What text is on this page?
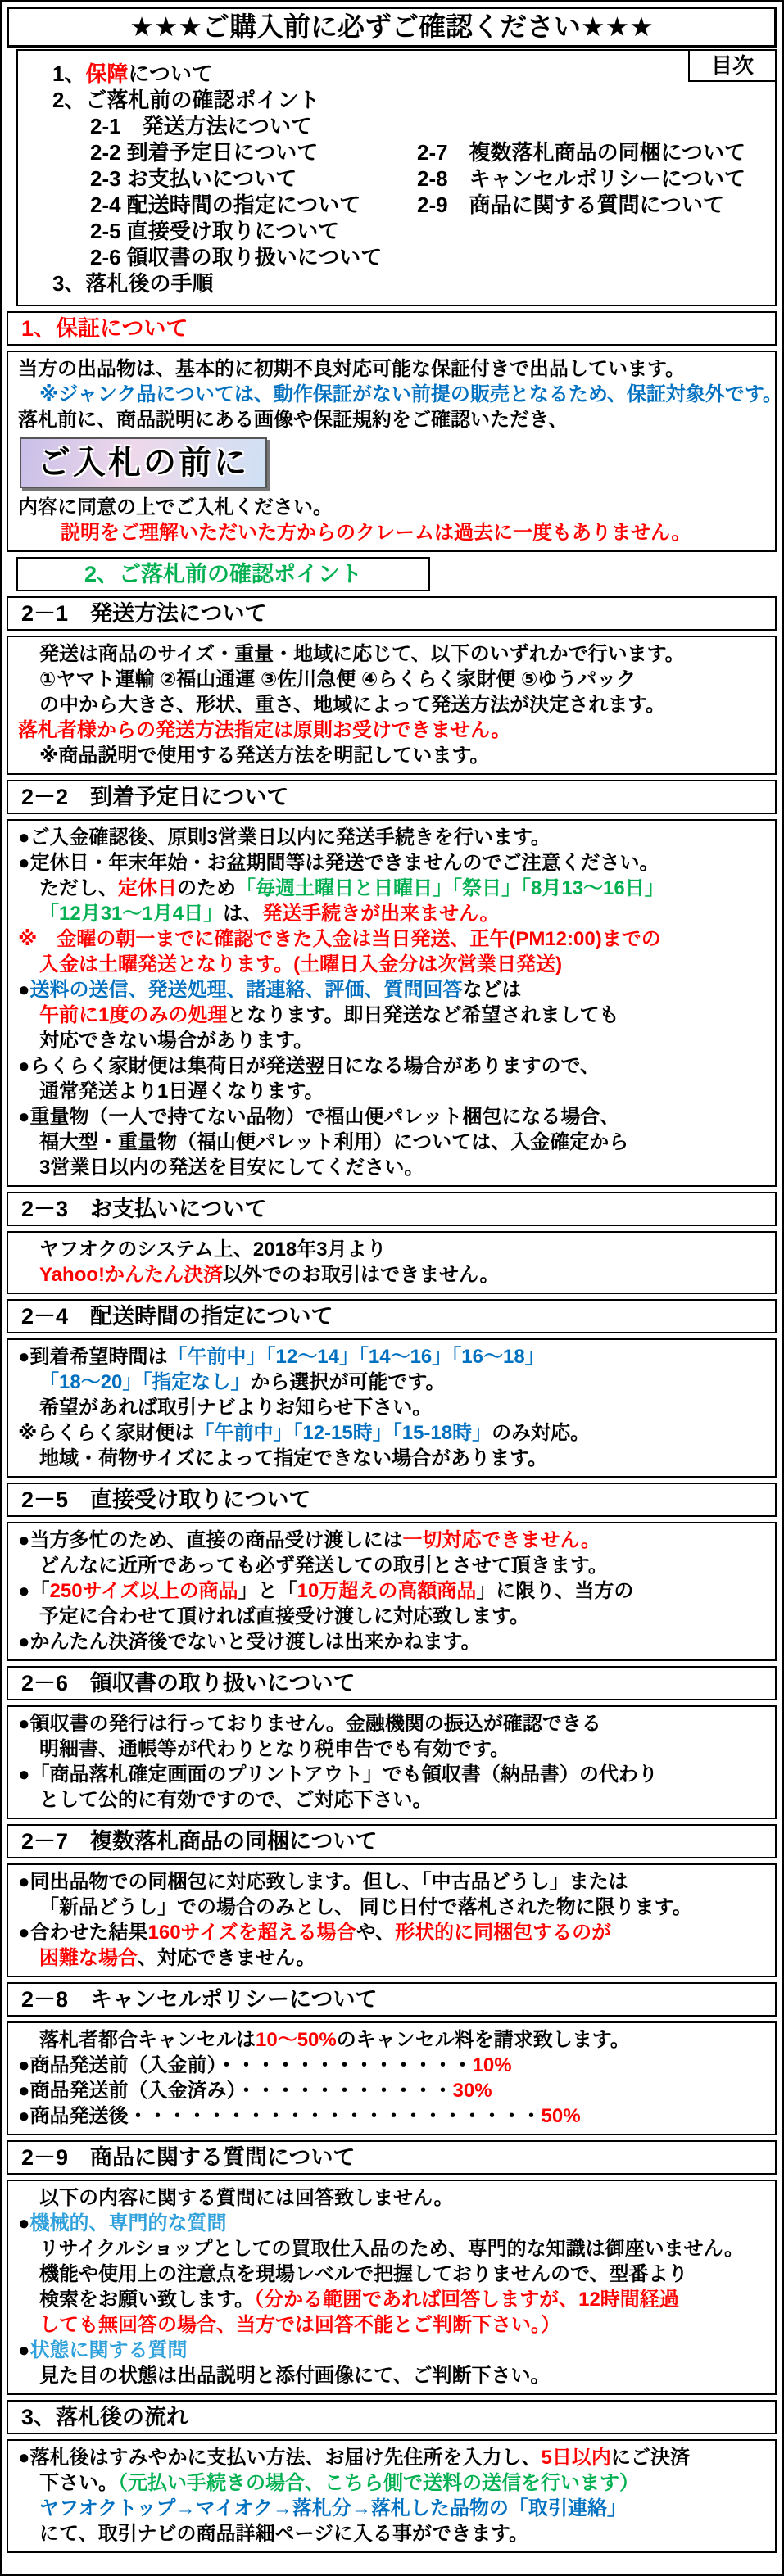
★★★ご購入前に必ずご確認ください★★★
目次
1、保障について
2、ご落札前の確認ポイント
2-1　発送方法について
2-2 到着予定日について	2-7　複数落札商品の同梱について
2-3 お支払いについて	2-8　キャンセルポリシーについて
2-4 配送時間の指定について	2-9　商品に関する質問について
2-5 直接受け取りについて
2-6 領収書の取り扱いについて
3、落札後の手順
1、保証について
当方の出品物は、基本的に初期不良対応可能な保証付きで出品しています。
※ジャンク品については、動作保証がない前提の販売となるため、保証対象外です。
落札前に、商品説明にある画像や保証規約をご確認いただき、
ご入札の前に
内容に同意の上でご入札ください。
説明をご理解いただいた方からのクレームは過去に一度もありません。
2、ご落札前の確認ポイント
2－1　発送方法について
発送は商品のサイズ・重量・地域に応じて、以下のいずれかで行います。
①ヤマト運輸 ②福山通運 ③佐川急便 ④らくらく家財便 ⑤ゆうパック
の中から大きさ、形状、重さ、地域によって発送方法が決定されます。
落札者様からの発送方法指定は原則お受けできません。
※商品説明で使用する発送方法を明記しています。
2－2　到着予定日について
●ご入金確認後、原則3営業日以内に発送手続きを行います。
●定休日・年末年始・お盆期間等は発送できませんのでご注意ください。
ただし、定休日のため「毎週土曜日と日曜日」「祭日」「8月13～16日」
「12月31～1月4日」は、発送手続きが出来ません。
※　金曜の朝一までに確認できた入金は当日発送、正午(PM12:00)までの
入金は土曜発送となります。(土曜日入金分は次営業日発送)
●送料の送信、発送処理、諸連絡、評価、質問回答などは
午前に1度のみの処理となります。即日発送など希望されましても
対応できない場合があります。
●らくらく家財便は集荷日が発送翌日になる場合がありますので、
通常発送より1日遅くなります。
●重量物（一人で持てない品物）で福山便パレット梱包になる場合、
福大型・重量物（福山便パレット利用）については、入金確定から
3営業日以内の発送を目安にしてください。
2－3　お支払いについて
ヤフオクのシステム上、2018年3月より
Yahoo!かんたん決済以外でのお取引はできません。
2－4　配送時間の指定について
●到着希望時間は「午前中」「12～14」「14～16」「16～18」
「18～20」「指定なし」から選択が可能です。
希望があれば取引ナビよりお知らせ下さい。
※らくらく家財便は「午前中」「12-15時」「15-18時」のみ対応。
地域・荷物サイズによって指定できない場合があります。
2－5　直接受け取りについて
●当方多忙のため、直接の商品受け渡しには一切対応できません。
どんなに近所であっても必ず発送しての取引とさせて頂きます。
●「250サイズ以上の商品」と「10万超えの高額商品」に限り、当方の
予定に合わせて頂ければ直接受け渡しに対応致します。
●かんたん決済後でないと受け渡しは出来かねます。
2－6　領収書の取り扱いについて
●領収書の発行は行っておりません。金融機関の振込が確認できる
明細書、通帳等が代わりとなり税申告でも有効です。
●「商品落札確定画面のプリントアウト」でも領収書（納品書）の代わり
として公的に有効ですので、ご対応下さい。
2－7　複数落札商品の同梱について
●同出品物での同梱包に対応致します。但し、「中古品どうし」または
「新品どうし」での場合のみとし、 同じ日付で落札された物に限ります。
●合わせた結果160サイズを超える場合や、形状的に同梱包するのが
困難な場合、対応できません。
2－8　キャンセルポリシーについて
落札者都合キャンセルは10～50%のキャンセル料を請求致します。
●商品発送前（入金前）・・・・・・・・・・・・・10%
●商品発送前（入金済み）・・・・・・・・・・・30%
●商品発送後・・・・・・・・・・・・・・・・・・・・・50%
2－9　商品に関する質問について
以下の内容に関する質問には回答致しません。
●機械的、専門的な質問
リサイクルショップとしての買取仕入品のため、専門的な知識は御座いません。
機能や使用上の注意点を現場レベルで把握しておりませんので、型番より
検索をお願い致します。（分かる範囲であれば回答しますが、12時間経過
しても無回答の場合、当方では回答不能とご判断下さい。）
●状態に関する質問
見た目の状態は出品説明と添付画像にて、ご判断下さい。
3、落札後の流れ
●落札後はすみやかに支払い方法、お届け先住所を入力し、5日以内にご決済
下さい。（元払い手続きの場合、こちら側で送料の送信を行います）
ヤフオクトップ→マイオク→落札分→落札した品物の「取引連絡」
にて、取引ナビの商品詳細ページに入る事ができます。
